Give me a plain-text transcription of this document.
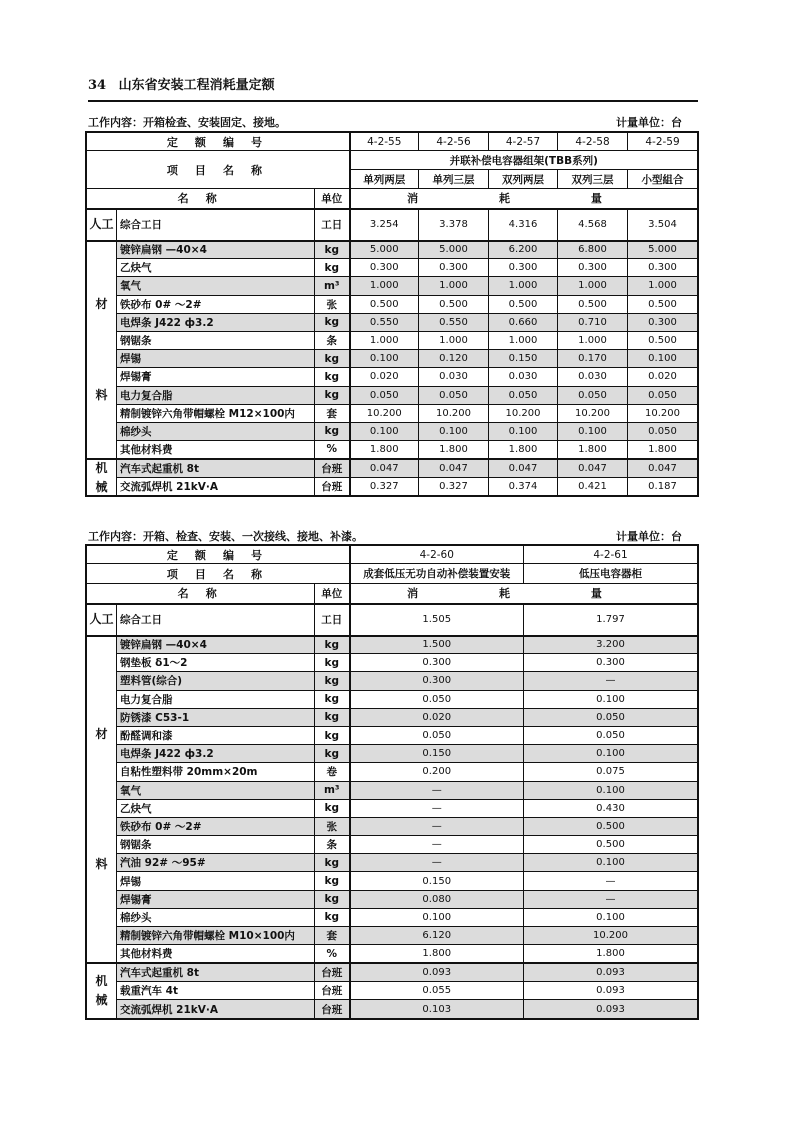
34 山东省安装工程消耗量定额
工作内容：开箱检查、安装固定、接地。	计量单位：台
定 额 编 号			4-2-55	4-2-56	4-2-57	4-2-58	4-2-59
项 目 名 称			并联补偿电容器组架(TBB系列)				
			单列两层	单列三层	双列两层	双列三层	小型組合
名 称		单位	消 耗 量				
人工	综合工日	工日	3.254	3.378	4.316	4.568	3.504

材
料	镀锌扁钢 —40×4	kg	5.000	5.000	6.200	6.800	5.000
	乙炔气	kg	0.300	0.300	0.300	0.300	0.300
	氧气	m³	1.000	1.000	1.000	1.000	1.000
	铁砂布 0# ～2#	张	0.500	0.500	0.500	0.500	0.500
	电焊条 J422 ф3.2	kg	0.550	0.550	0.660	0.710	0.300
	钢锯条	条	1.000	1.000	1.000	1.000	0.500
	焊锡	kg	0.100	0.120	0.150	0.170	0.100
	焊锡膏	kg	0.020	0.030	0.030	0.030	0.020
	电力复合脂	kg	0.050	0.050	0.050	0.050	0.050
	精制镀锌六角带帽螺栓 M12×100内	套	10.200	10.200	10.200	10.200	10.200
	棉纱头	kg	0.100	0.100	0.100	0.100	0.050
	其他材料费	%	1.800	1.800	1.800	1.800	1.800

机
械	汽车式起重机 8t	台班	0.047	0.047	0.047	0.047	0.047
	交流弧焊机 21kV·A	台班	0.327	0.327	0.374	0.421	0.187
工作内容：开箱、检查、安装、一次接线、接地、补漆。	计量单位：台
定 额 编 号			4-2-60	4-2-61
项 目 名 称			成套低压无功自动补偿装置安装	低压电容器柜
名 称		单位	消 耗 量	
人工	综合工日	工日	1.505	1.797

材
料	镀锌扁钢 —40×4	kg	1.500	3.200
	钢垫板 δ1～2	kg	0.300	0.300
	塑料管(综合)	kg	0.300	—
	电力复合脂	kg	0.050	0.100
	防锈漆 C53-1	kg	0.020	0.050
	酚醛调和漆	kg	0.050	0.050
	电焊条 J422 ф3.2	kg	0.150	0.100
	自粘性塑料带 20mm×20m	卷	0.200	0.075
	氧气	m³	—	0.100
	乙炔气	kg	—	0.430
	铁砂布 0# ～2#	张	—	0.500
	钢锯条	条	—	0.500
	汽油 92# ～95#	kg	—	0.100
	焊锡	kg	0.150	—
	焊锡膏	kg	0.080	—
	棉纱头	kg	0.100	0.100
	精制镀锌六角带帽螺栓 M10×100内	套	6.120	10.200
	其他材料费	%	1.800	1.800

机
械	汽车式起重机 8t	台班	0.093	0.093
	载重汽车 4t	台班	0.055	0.093
	交流弧焊机 21kV·A	台班	0.103	0.093
